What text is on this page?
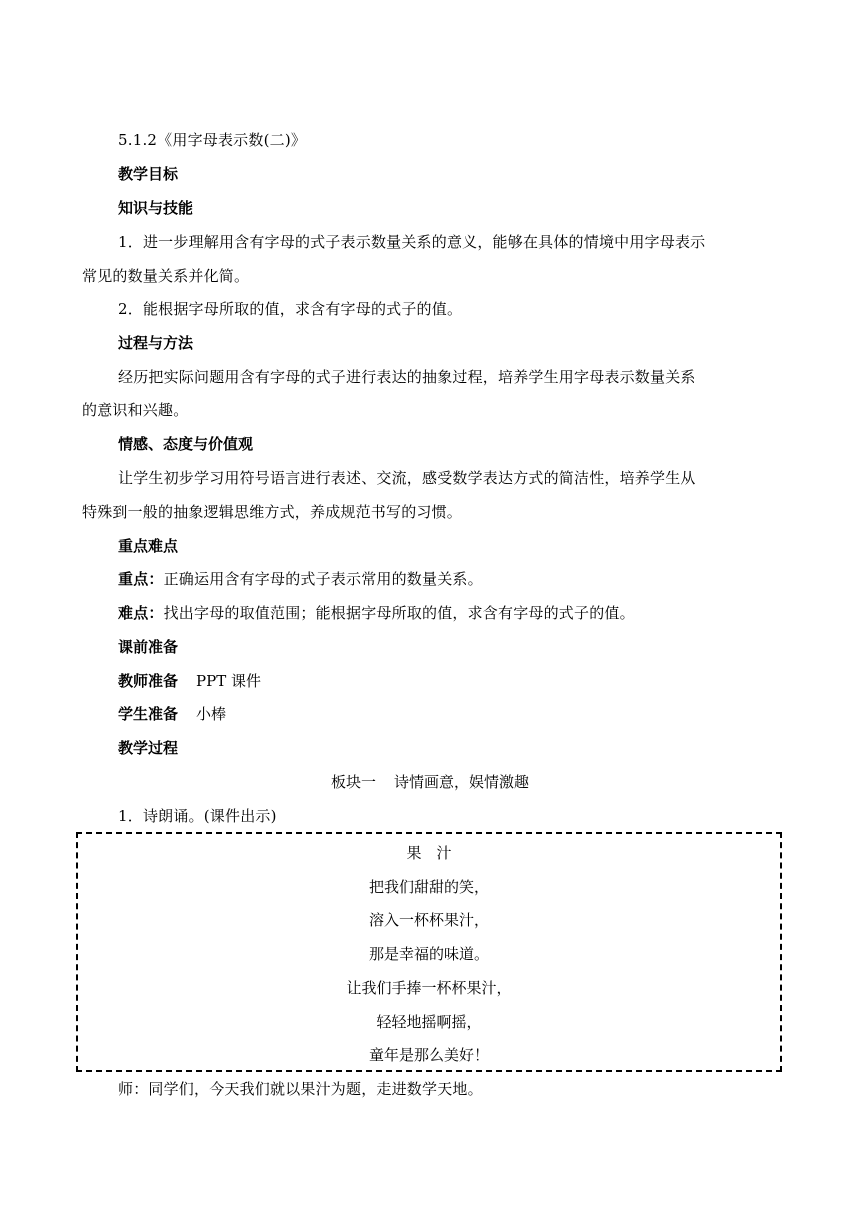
5.1.2《用字母表示数(二)》
教学目标
知识与技能
1．进一步理解用含有字母的式子表示数量关系的意义，能够在具体的情境中用字母表示
常见的数量关系并化简。
2．能根据字母所取的值，求含有字母的式子的值。
过程与方法
经历把实际问题用含有字母的式子进行表达的抽象过程，培养学生用字母表示数量关系
的意识和兴趣。
情感、态度与价值观
让学生初步学习用符号语言进行表述、交流，感受数学表达方式的简洁性，培养学生从
特殊到一般的抽象逻辑思维方式，养成规范书写的习惯。
重点难点
重点：正确运用含有字母的式子表示常用的数量关系。
难点：找出字母的取值范围；能根据字母所取的值，求含有字母的式子的值。
课前准备
教师准备 PPT 课件
学生准备 小棒
教学过程
板块一 诗情画意，娱情激趣
1．诗朗诵。(课件出示)
果　汁
把我们甜甜的笑，
溶入一杯杯果汁，
那是幸福的味道。
让我们手捧一杯杯果汁，
轻轻地摇啊摇，
童年是那么美好！
师：同学们，今天我们就以果汁为题，走进数学天地。
